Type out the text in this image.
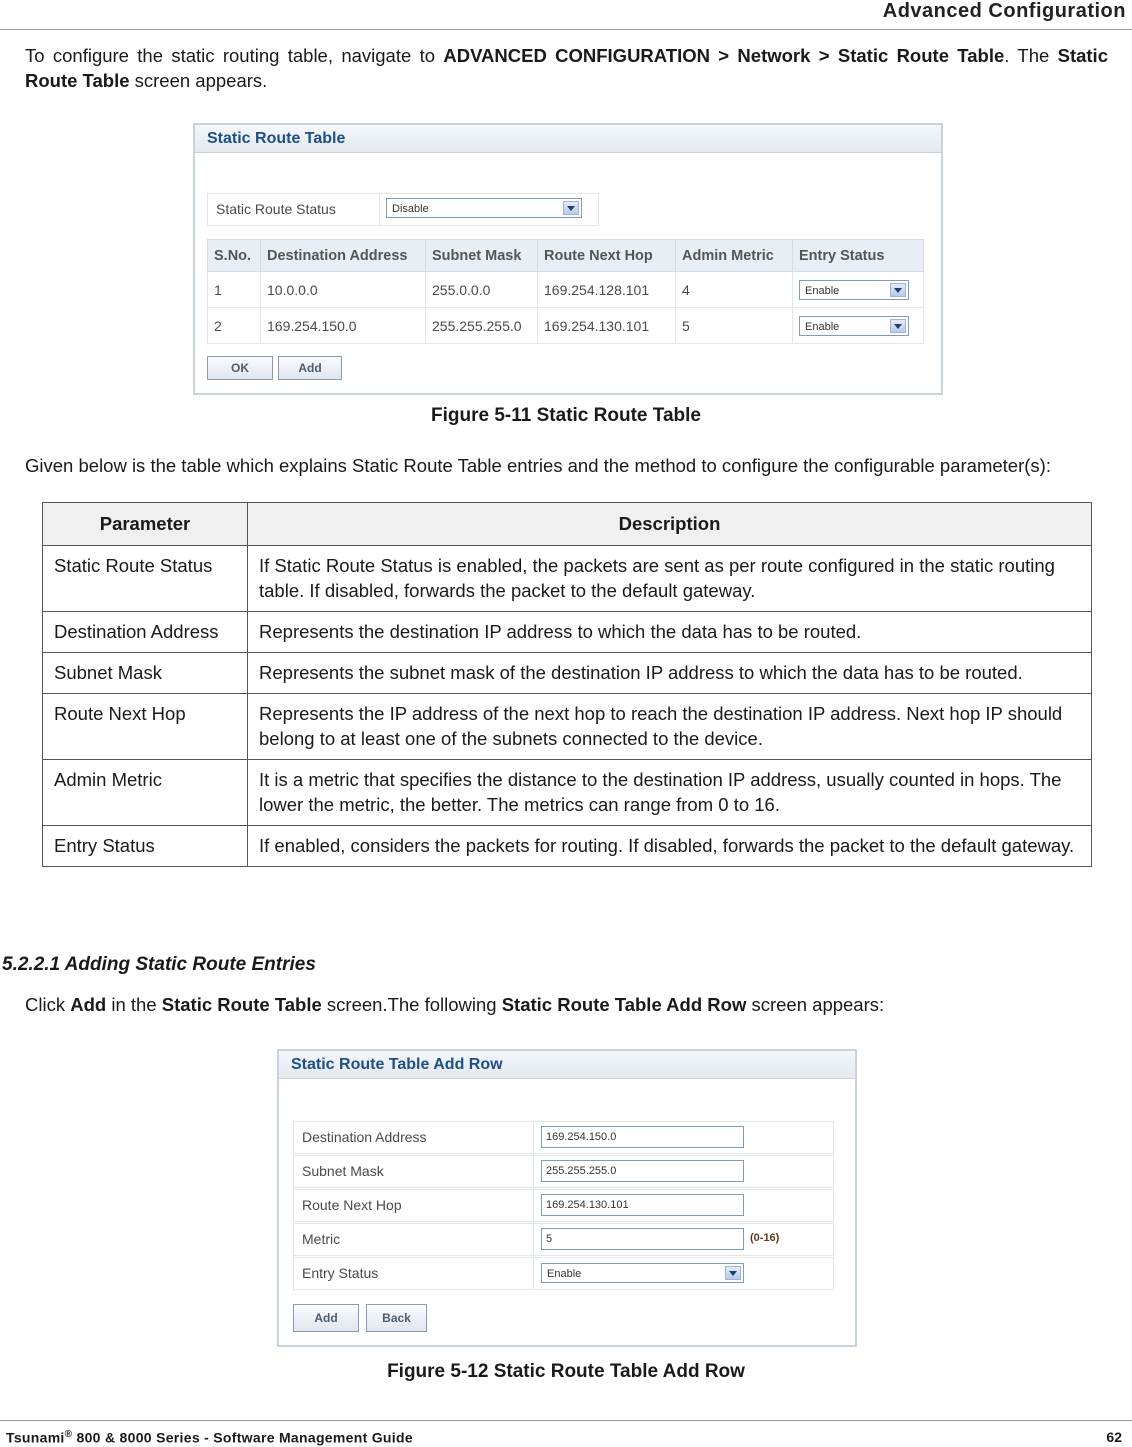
Advanced Configuration
To configure the static routing table, navigate to ADVANCED CONFIGURATION > Network > Static Route Table. The Static Route Table screen appears.
Static Route Table
Static Route Status	Disable
S.No.	Destination Address	Subnet Mask	Route Next Hop	Admin Metric	Entry Status
1	10.0.0.0	255.0.0.0	169.254.128.101	4	Enable

2	169.254.150.0	255.255.255.0	169.254.130.101	5	Enable
OK	Add
Figure 5-11 Static Route Table
Given below is the table which explains Static Route Table entries and the method to configure the configurable parameter(s):
Parameter	Description
Static Route Status	If Static Route Status is enabled, the packets are sent as per route configured in the static routing table. If disabled, forwards the packet to the default gateway.
Destination Address	Represents the destination IP address to which the data has to be routed.
Subnet Mask	Represents the subnet mask of the destination IP address to which the data has to be routed.
Route Next Hop	Represents the IP address of the next hop to reach the destination IP address. Next hop IP should belong to at least one of the subnets connected to the device.
Admin Metric	It is a metric that specifies the distance to the destination IP address, usually counted in hops. The lower the metric, the better. The metrics can range from 0 to 16.
Entry Status	If enabled, considers the packets for routing. If disabled, forwards the packet to the default gateway.
5.2.2.1 Adding Static Route Entries
Click Add in the Static Route Table screen.The following Static Route Table Add Row screen appears:
Static Route Table Add Row
Destination Address	169.254.150.0
Subnet Mask	255.255.255.0
Route Next Hop	169.254.130.101
Metric	5	(0-16)
Entry Status	Enable
Add	Back
Figure 5-12 Static Route Table Add Row
Tsunami® 800 & 8000 Series - Software Management Guide	62
